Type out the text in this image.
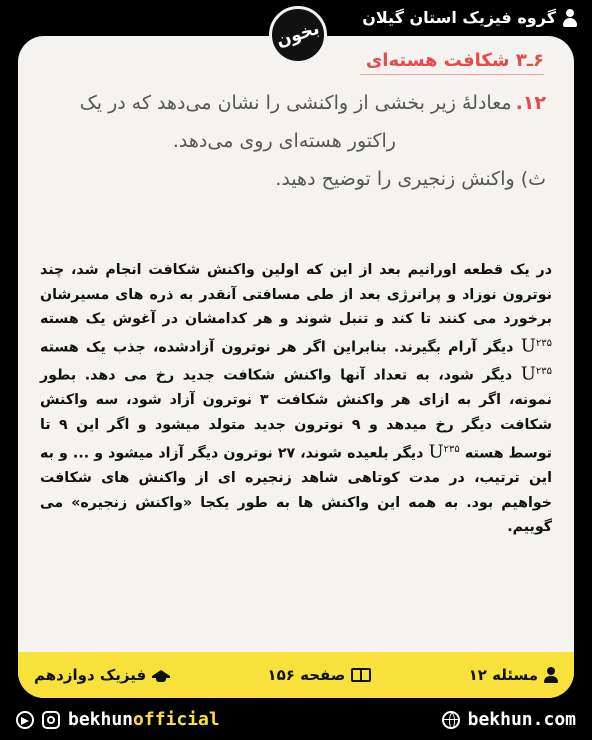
گروه فیزیک استان گیلان
بخون
۶ـ۳ شکافت هسته‌ای
۱۲.معادلهٔ زیر بخشی از واکنشی را نشان می‌دهد که در یک
راکتور هسته‌ای روی می‌دهد.
ث) واکنش زنجیری را توضیح دهید.
در یک قطعه اورانیم بعد از این که اولین واکنش شکافت انجام شد، چند نوترون نوزاد و پرانرژی بعد از طی مسافتی آنقدر به ذره های مسیرشان برخورد می کنند تا کند و تنبل شوند و هر کدامشان در آغوش یک هسته $U^{۲۳۵}$ دیگر آرام بگیرند. بنابراین اگر هر نوترون آزادشده، جذب یک هسته $U^{۲۳۵}$ دیگر شود، به تعداد آنها واکنش شکافت جدید رخ می دهد. بطور نمونه، اگر به ازای هر واکنش شکافت ۳ نوترون آزاد شود، سه واکنش شکافت دیگر رخ میدهد و ۹ نوترون جدید متولد میشود و اگر این ۹ تا توسط هسته $U^{۲۳۵}$ دیگر بلعیده شوند، ۲۷ نوترون دیگر آزاد میشود و ... و به این ترتیب، در مدت کوتاهی شاهد زنجیره ای از واکنش های شکافت خواهیم بود. به همه این واکنش ها به طور یکجا «واکنش زنجیره» می گوییم.
مسئله ۱۲
صفحه ۱۵۶
فیزیک دوازدهم
bekhunofficial	bekhun.com
